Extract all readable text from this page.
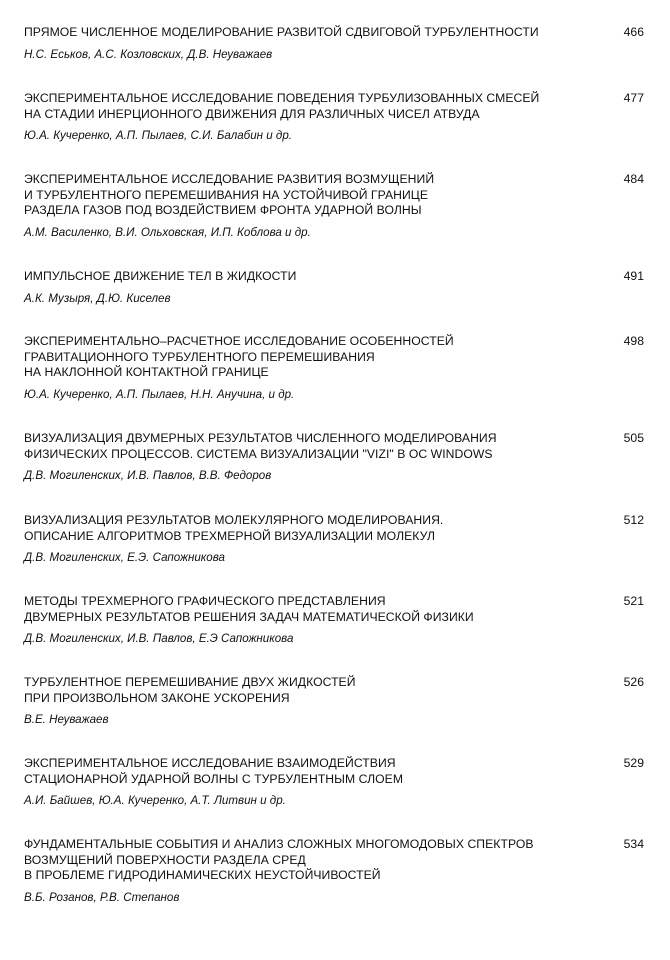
ПРЯМОЕ ЧИСЛЕННОЕ МОДЕЛИРОВАНИЕ РАЗВИТОЙ СДВИГОВОЙ ТУРБУЛЕНТНОСТИ	466
Н.С. Еськов, А.С. Козловских, Д.В. Неуважаев
ЭКСПЕРИМЕНТАЛЬНОЕ ИССЛЕДОВАНИЕ ПОВЕДЕНИЯ ТУРБУЛИЗОВАННЫХ СМЕСЕЙ
НА СТАДИИ ИНЕРЦИОННОГО ДВИЖЕНИЯ ДЛЯ РАЗЛИЧНЫХ ЧИСЕЛ АТВУДА
477
Ю.А. Кучеренко, А.П. Пылаев, С.И. Балабин и др.
ЭКСПЕРИМЕНТАЛЬНОЕ ИССЛЕДОВАНИЕ РАЗВИТИЯ ВОЗМУЩЕНИЙ
И ТУРБУЛЕНТНОГО ПЕРЕМЕШИВАНИЯ НА УСТОЙЧИВОЙ ГРАНИЦЕ
РАЗДЕЛА ГАЗОВ ПОД ВОЗДЕЙСТВИЕМ ФРОНТА УДАРНОЙ ВОЛНЫ
484
А.М. Василенко, В.И. Ольховская, И.П. Коблова и др.
ИМПУЛЬСНОЕ ДВИЖЕНИЕ ТЕЛ В ЖИДКОСТИ	491
А.К. Музыря, Д.Ю. Киселев
ЭКСПЕРИМЕНТАЛЬНО–РАСЧЕТНОЕ ИССЛЕДОВАНИЕ ОСОБЕННОСТЕЙ
ГРАВИТАЦИОННОГО ТУРБУЛЕНТНОГО ПЕРЕМЕШИВАНИЯ
НА НАКЛОННОЙ КОНТАКТНОЙ ГРАНИЦЕ
498
Ю.А. Кучеренко, А.П. Пылаев, Н.Н. Анучина, и др.
ВИЗУАЛИЗАЦИЯ ДВУМЕРНЫХ РЕЗУЛЬТАТОВ ЧИСЛЕННОГО МОДЕЛИРОВАНИЯ
ФИЗИЧЕСКИХ ПРОЦЕССОВ. СИСТЕМА ВИЗУАЛИЗАЦИИ "VIZI" В ОС WINDOWS
505
Д.В. Могиленских, И.В. Павлов, В.В. Федоров
ВИЗУАЛИЗАЦИЯ РЕЗУЛЬТАТОВ МОЛЕКУЛЯРНОГО МОДЕЛИРОВАНИЯ.
ОПИСАНИЕ АЛГОРИТМОВ ТРЕХМЕРНОЙ ВИЗУАЛИЗАЦИИ МОЛЕКУЛ
512
Д.В. Могиленских, Е.Э. Сапожникова
МЕТОДЫ ТРЕХМЕРНОГО ГРАФИЧЕСКОГО ПРЕДСТАВЛЕНИЯ
ДВУМЕРНЫХ РЕЗУЛЬТАТОВ РЕШЕНИЯ ЗАДАЧ МАТЕМАТИЧЕСКОЙ ФИЗИКИ
521
Д.В. Могиленских, И.В. Павлов, Е.Э Сапожникова
ТУРБУЛЕНТНОЕ ПЕРЕМЕШИВАНИЕ ДВУХ ЖИДКОСТЕЙ
ПРИ ПРОИЗВОЛЬНОМ ЗАКОНЕ УСКОРЕНИЯ
526
В.Е. Неуважаев
ЭКСПЕРИМЕНТАЛЬНОЕ ИССЛЕДОВАНИЕ ВЗАИМОДЕЙСТВИЯ
СТАЦИОНАРНОЙ УДАРНОЙ ВОЛНЫ С ТУРБУЛЕНТНЫМ СЛОЕМ
529
А.И. Байшев, Ю.А. Кучеренко, А.Т. Литвин и др.
ФУНДАМЕНТАЛЬНЫЕ СОБЫТИЯ И АНАЛИЗ СЛОЖНЫХ МНОГОМОДОВЫХ СПЕКТРОВ
ВОЗМУЩЕНИЙ ПОВЕРХНОСТИ РАЗДЕЛА СРЕД
В ПРОБЛЕМЕ ГИДРОДИНАМИЧЕСКИХ НЕУСТОЙЧИВОСТЕЙ
534
В.Б. Розанов, Р.В. Степанов
